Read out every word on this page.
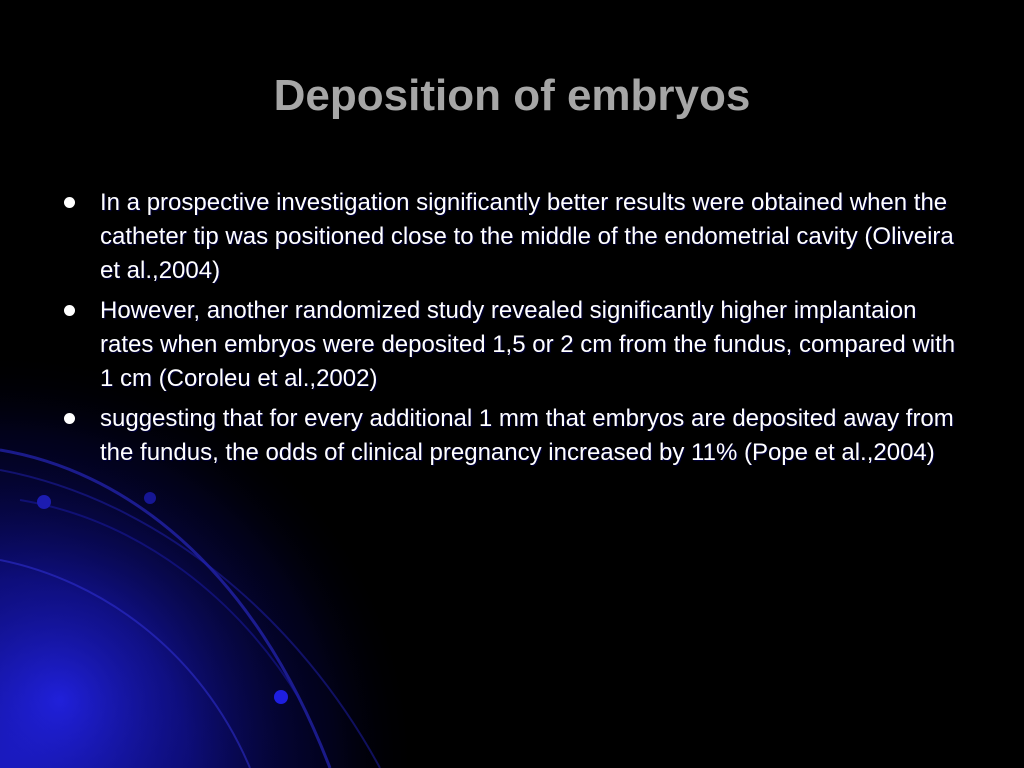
Deposition of embryos
In a prospective investigation significantly better results were obtained when the catheter tip was positioned close to the middle of the endometrial cavity (Oliveira et al.,2004)
However, another randomized study revealed significantly higher implantaion rates when embryos were deposited 1,5 or 2 cm from the fundus, compared with 1 cm (Coroleu et al.,2002)
suggesting that for every additional 1 mm that embryos are deposited away from the fundus, the odds of clinical pregnancy increased by 11% (Pope et al.,2004)
